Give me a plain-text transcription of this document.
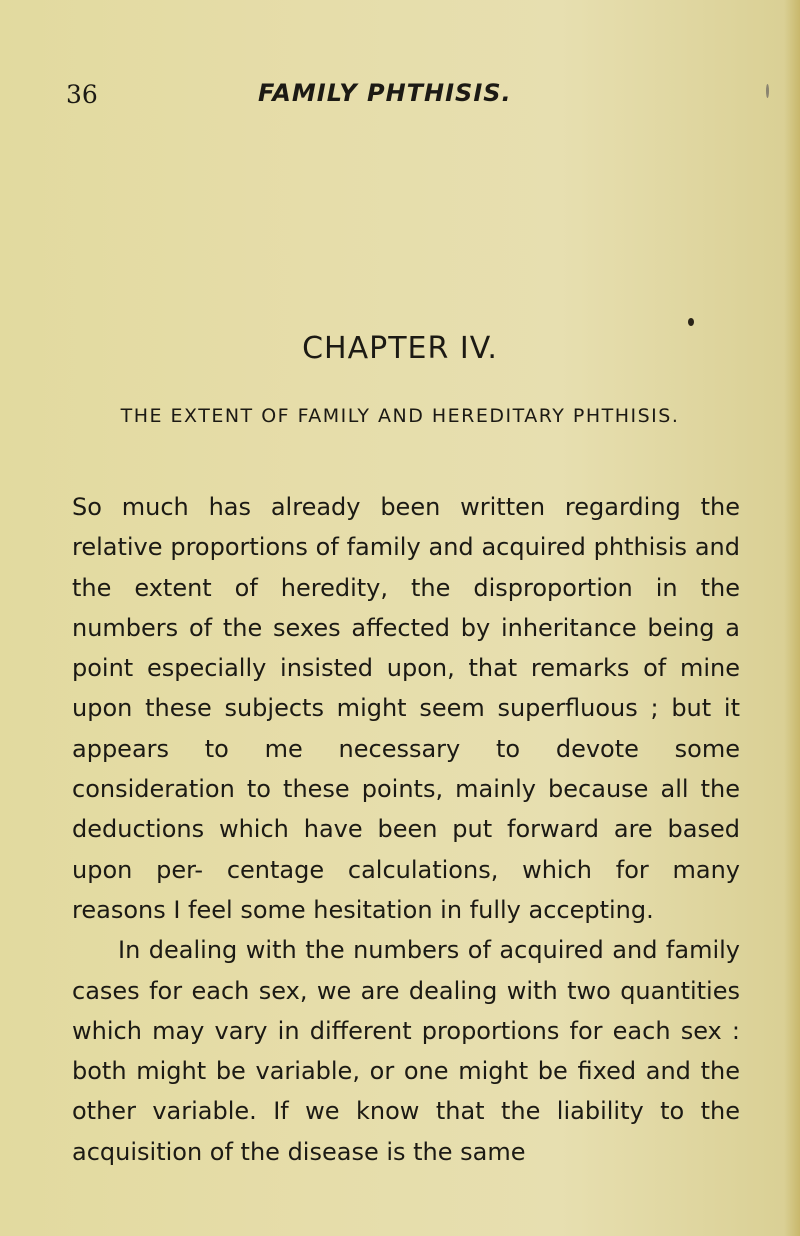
36	FAMILY PHTHISIS.
CHAPTER IV.
THE EXTENT OF FAMILY AND HEREDITARY PHTHISIS.

So much has already been written regarding the relative proportions of family and acquired phthisis and the extent of heredity, the disproportion in the numbers of the sexes affected by inheritance being a point especially insisted upon, that remarks of mine upon these subjects might seem superfluous ; but it appears to me necessary to devote some consideration to these points, mainly because all the deductions which have been put forward are based upon per- centage calculations, which for many reasons I feel some hesitation in fully accepting.

In dealing with the numbers of acquired and family cases for each sex, we are dealing with two quantities which may vary in different proportions for each sex : both might be variable, or one might be fixed and the other variable. If we know that the liability to the acquisition of the disease is the same
